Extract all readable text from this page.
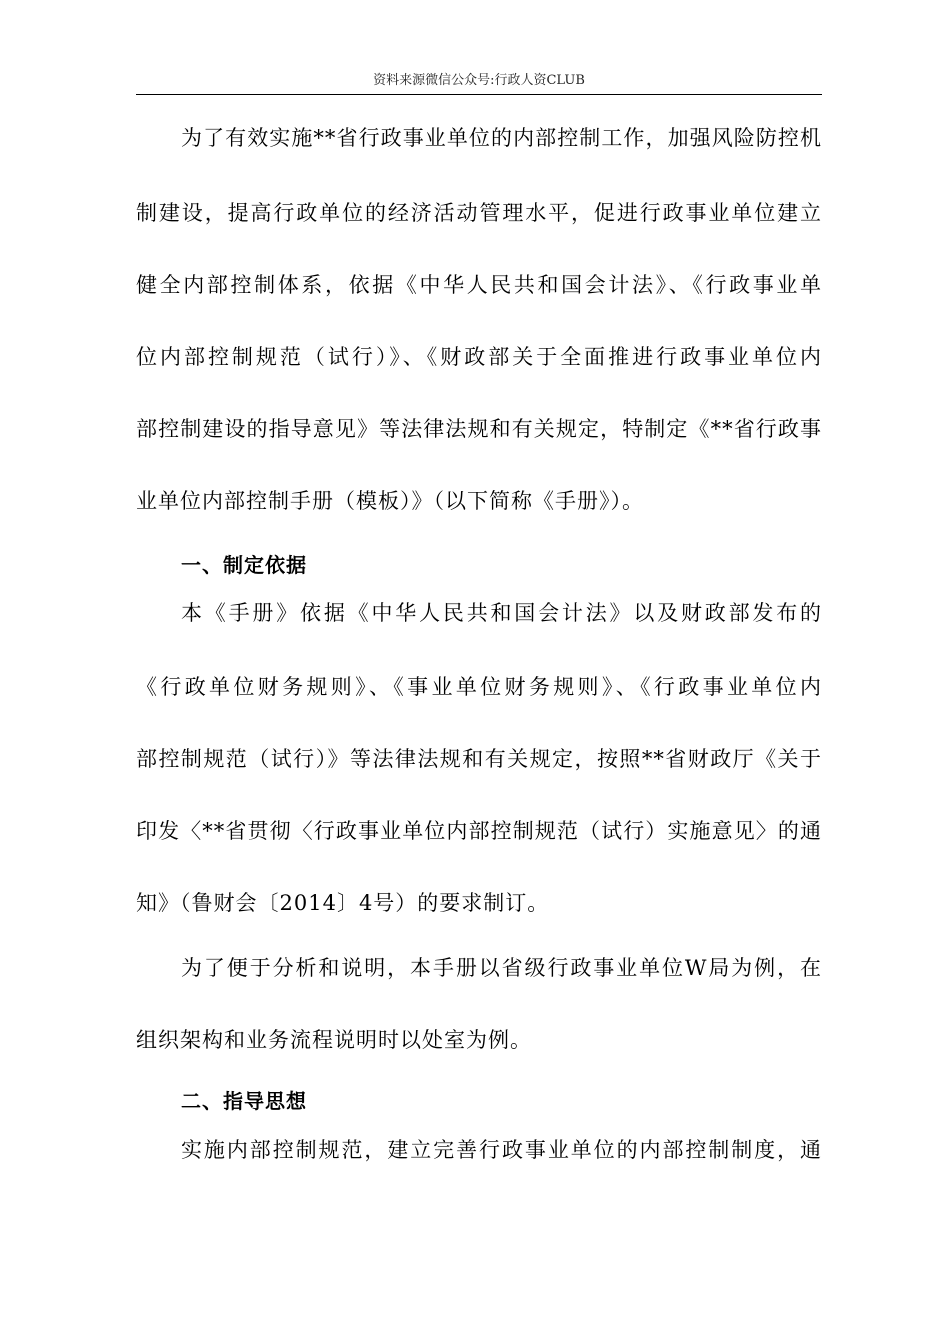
资料来源微信公众号:行政人资CLUB
为了有效实施**省行政事业单位的内部控制工作，加强风险防控机
制建设，提高行政单位的经济活动管理水平，促进行政事业单位建立
健全内部控制体系，依据《中华人民共和国会计法》、《行政事业单
位内部控制规范（试行）》、《财政部关于全面推进行政事业单位内
部控制建设的指导意见》等法律法规和有关规定，特制定《**省行政事
业单位内部控制手册（模板）》（以下简称《手册》）。
一、制定依据
本《手册》依据《中华人民共和国会计法》以及财政部发布的
《行政单位财务规则》、《事业单位财务规则》、《行政事业单位内
部控制规范（试行）》等法律法规和有关规定，按照**省财政厅《关于
印发〈**省贯彻〈行政事业单位内部控制规范（试行）实施意见〉的通
知》（鲁财会〔2014〕4号）的要求制订。
为了便于分析和说明，本手册以省级行政事业单位W局为例，在
组织架构和业务流程说明时以处室为例。
二、指导思想
实施内部控制规范，建立完善行政事业单位的内部控制制度，通
